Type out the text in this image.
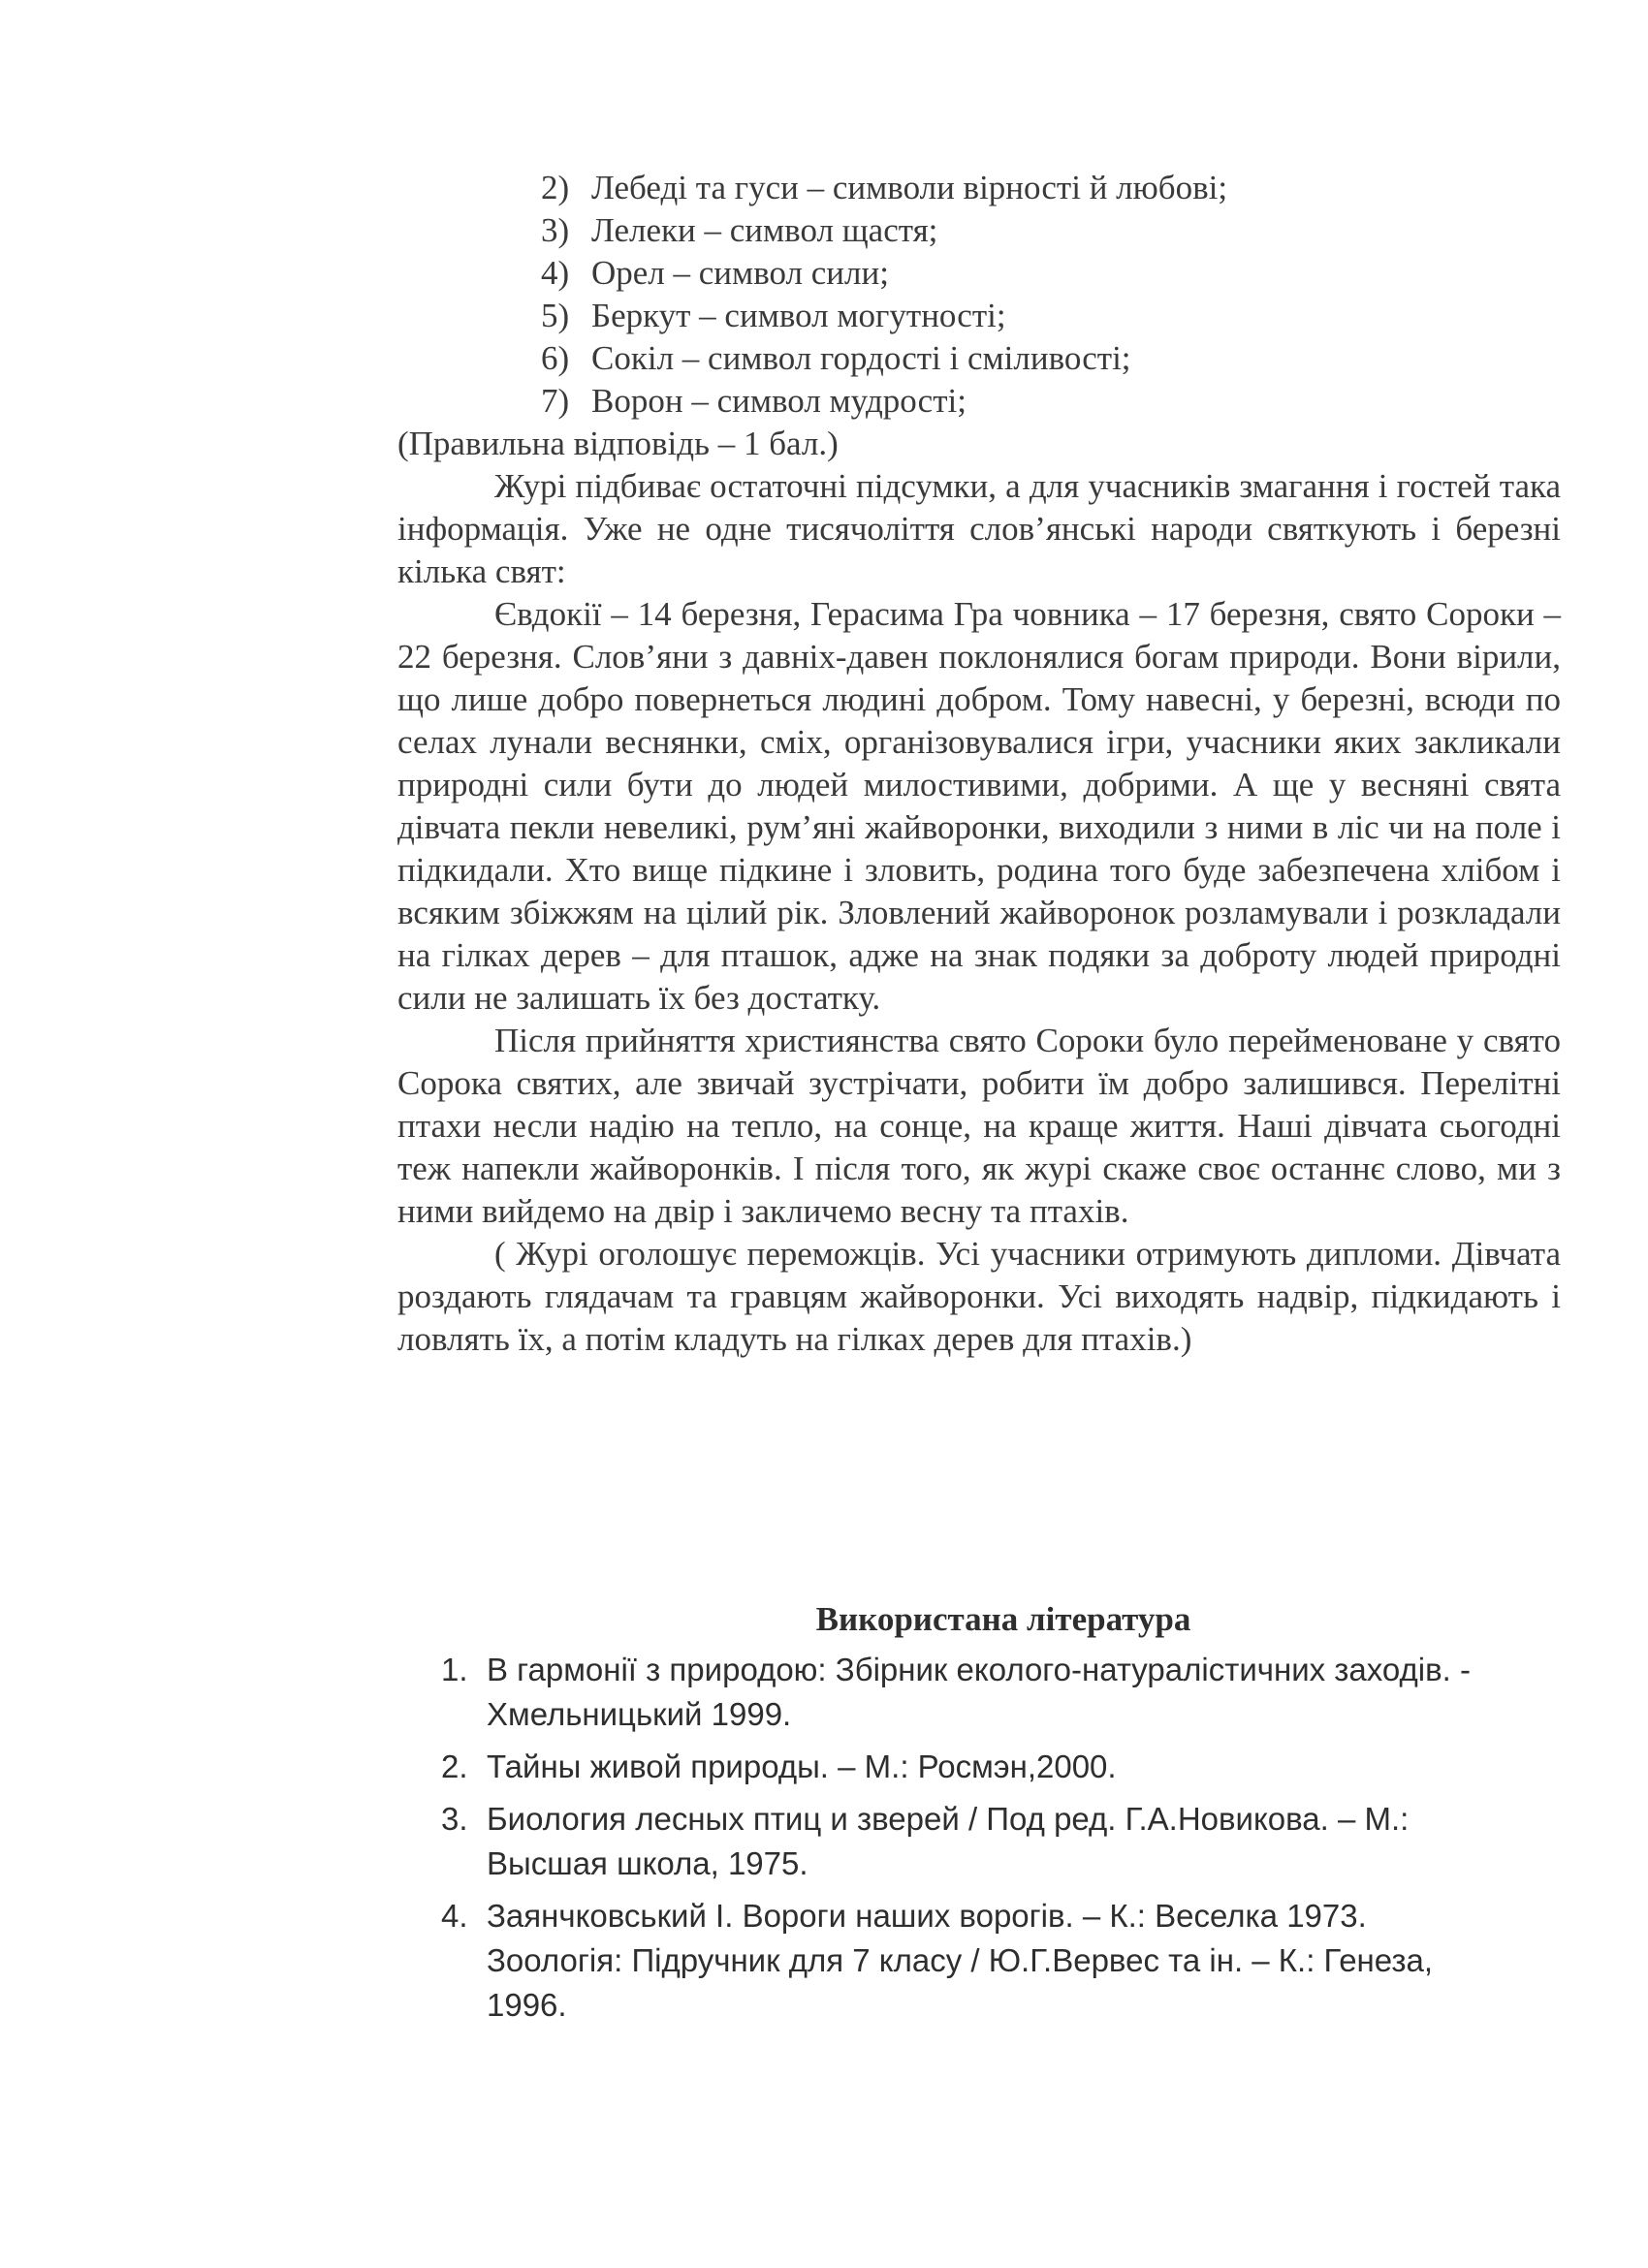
2) Лебеді та гуси – символи вірності й любові;
3) Лелеки – символ щастя;
4) Орел – символ сили;
5) Беркут – символ могутності;
6) Сокіл – символ гордості і сміливості;
7) Ворон – символ мудрості;

(Правильна відповідь – 1 бал.)

Журі підбиває остаточні підсумки, а для учасників змагання і гостей така інформація. Уже не одне тисячоліття слов’янські народи святкують і березні кілька свят:

Євдокії – 14 березня, Герасима Гра човника – 17 березня, свято Сороки – 22 березня. Слов’яни з давніх-давен поклонялися богам природи. Вони вірили, що лише добро повернеться людині добром. Тому навесні, у березні, всюди по селах лунали веснянки, сміх, організовувалися ігри, учасники яких закликали природні сили бути до людей милостивими, добрими. А ще у весняні свята дівчата пекли невеликі, рум’яні жайворонки, виходили з ними в ліс чи на поле і підкидали. Хто вище підкине і зловить, родина того буде забезпечена хлібом і всяким збіжжям на цілий рік. Зловлений жайворонок розламували і розкладали на гілках дерев – для пташок, адже на знак подяки за доброту людей природні сили не залишать їх без достатку.

Після прийняття християнства свято Сороки було перейменоване у свято Сорока святих, але звичай зустрічати, робити їм добро залишився. Перелітні птахи несли надію на тепло, на сонце, на краще життя. Наші дівчата сьогодні теж напекли жайворонків. І після того, як журі скаже своє останнє слово, ми з ними вийдемо на двір і закличемо весну та птахів.

( Журі оголошує переможців. Усі учасники отримують дипломи. Дівчата роздають глядачам та гравцям жайворонки. Усі виходять надвір, підкидають і ловлять їх, а потім кладуть на гілках дерев для птахів.)

Використана література

1. В гармонії з природою: Збірник еколого-натуралістичних заходів. -
Хмельницький 1999.
2. Тайны живой природы. – М.: Росмэн,2000.
3. Биология лесных птиц и зверей / Под ред. Г.А.Новикова. – М.:
Высшая школа, 1975.
4. Заянчковський І. Вороги наших ворогів. – К.: Веселка 1973.
Зоологія: Підручник для 7 класу / Ю.Г.Вервес та ін. – К.: Генеза,
1996.
